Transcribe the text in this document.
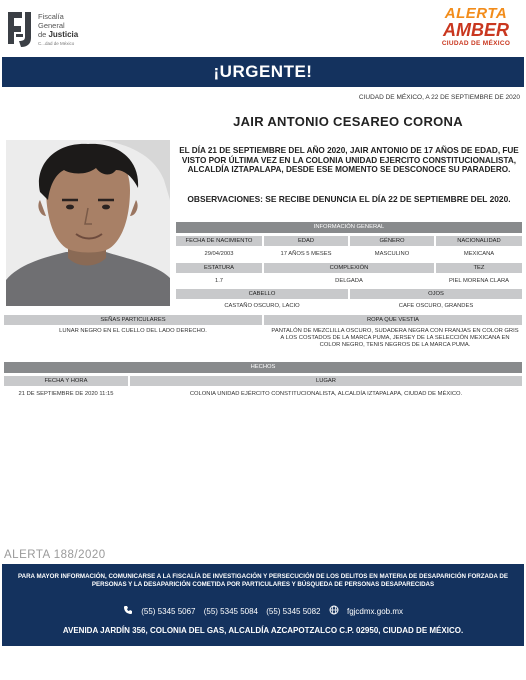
Fiscalía
General
de Justicia
C...dad de México
ALERTA
AMBER
CIUDAD DE MÉXICO
¡URGENTE!
CIUDAD DE MÉXICO, A 22 DE SEPTIEMBRE DE 2020
JAIR ANTONIO CESAREO CORONA
EL DÍA 21 DE SEPTIEMBRE DEL AÑO 2020, JAIR ANTONIO DE 17 AÑOS DE EDAD, FUE VISTO POR ÚLTIMA VEZ EN LA COLONIA UNIDAD EJERCITO CONSTITUCIONALISTA, ALCALDÍA IZTAPALAPA, DESDE ESE MOMENTO SE DESCONOCE SU PARADERO.
OBSERVACIONES: SE RECIBE DENUNCIA EL DÍA 22 DE SEPTIEMBRE DEL 2020.
INFORMACIÓN GENERAL
FECHA DE NACIMIENTO	EDAD	GÉNERO	NACIONALIDAD
29/04/2003	17 AÑOS 5 MESES	MASCULINO	MEXICANA
ESTATURA	COMPLEXIÓN	TEZ
1.7	DELGADA	PIEL MORENA CLARA
CABELLO	OJOS
CASTAÑO OSCURO, LACIO	CAFE OSCURO, GRANDES
SEÑAS PARTICULARES	ROPA QUE VESTIA
LUNAR NEGRO EN EL CUELLO DEL LADO DERECHO.	PANTALÓN DE MEZCLILLA OSCURO, SUDADERA NEGRA CON FRANJAS EN COLOR GRIS A LOS COSTADOS DE LA MARCA PUMA, JERSEY DE LA SELECCIÓN MEXICANA EN COLOR NEGRO, TENIS NEGROS DE LA MARCA PUMA.
HECHOS
FECHA Y HORA	LUGAR
21 DE SEPTIEMBRE DE 2020 11:15	COLONIA UNIDAD EJÉRCITO CONSTITUCIONALISTA, ALCALDÍA IZTAPALAPA, CIUDAD DE MÉXICO.
ALERTA 188/2020
PARA MAYOR INFORMACIÓN, COMUNICARSE A LA FISCALÍA DE INVESTIGACIÓN Y PERSECUCIÓN DE LOS DELITOS EN MATERIA DE DESAPARICIÓN FORZADA DE PERSONAS Y LA DESAPARICIÓN COMETIDA POR PARTICULARES Y BÚSQUEDA DE PERSONAS DESAPARECIDAS
(55) 5345 5067 (55) 5345 5084 (55) 5345 5082	fgjcdmx.gob.mx
AVENIDA JARDÍN 356, COLONIA DEL GAS, ALCALDÍA AZCAPOTZALCO C.P. 02950, CIUDAD DE MÉXICO.
